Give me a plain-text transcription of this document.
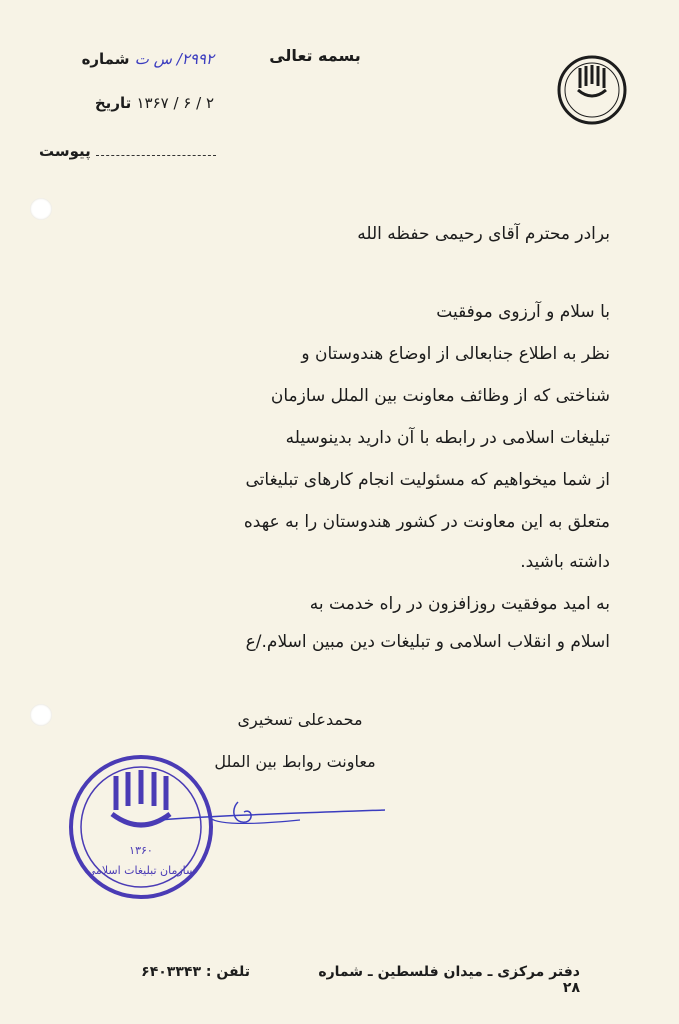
بسمه تعالی
شماره ۲۹۹۲/ س ت
تاریخ ۲ / ۶ / ۱۳۶۷
پیوست
برادر محترم آقای رحیمی حفظه الله
با سلام و آرزوی موفقیت
نظر به اطلاع جنابعالی از اوضاع هندوستان و
شناختی که از وظائف معاونت بین الملل سازمان
تبلیغات اسلامی در رابطه با آن دارید بدینوسیله
از شما میخواهیم که مسئولیت انجام کارهای تبلیغاتی
متعلق به این معاونت در کشور هندوستان را به عهده
داشته باشید.
به امید موفقیت روزافزون در راه خدمت به
اسلام و انقلاب اسلامی و تبلیغات دین مبین اسلام./ع
محمدعلی تسخیری
معاونت روابط بین الملل
۱۳۶۰
سازمان تبلیغات اسلامی
دفتر مرکزی ـ میدان فلسطین ـ شماره ۲۸
تلفن : ۶۴۰۳۳۴۳
